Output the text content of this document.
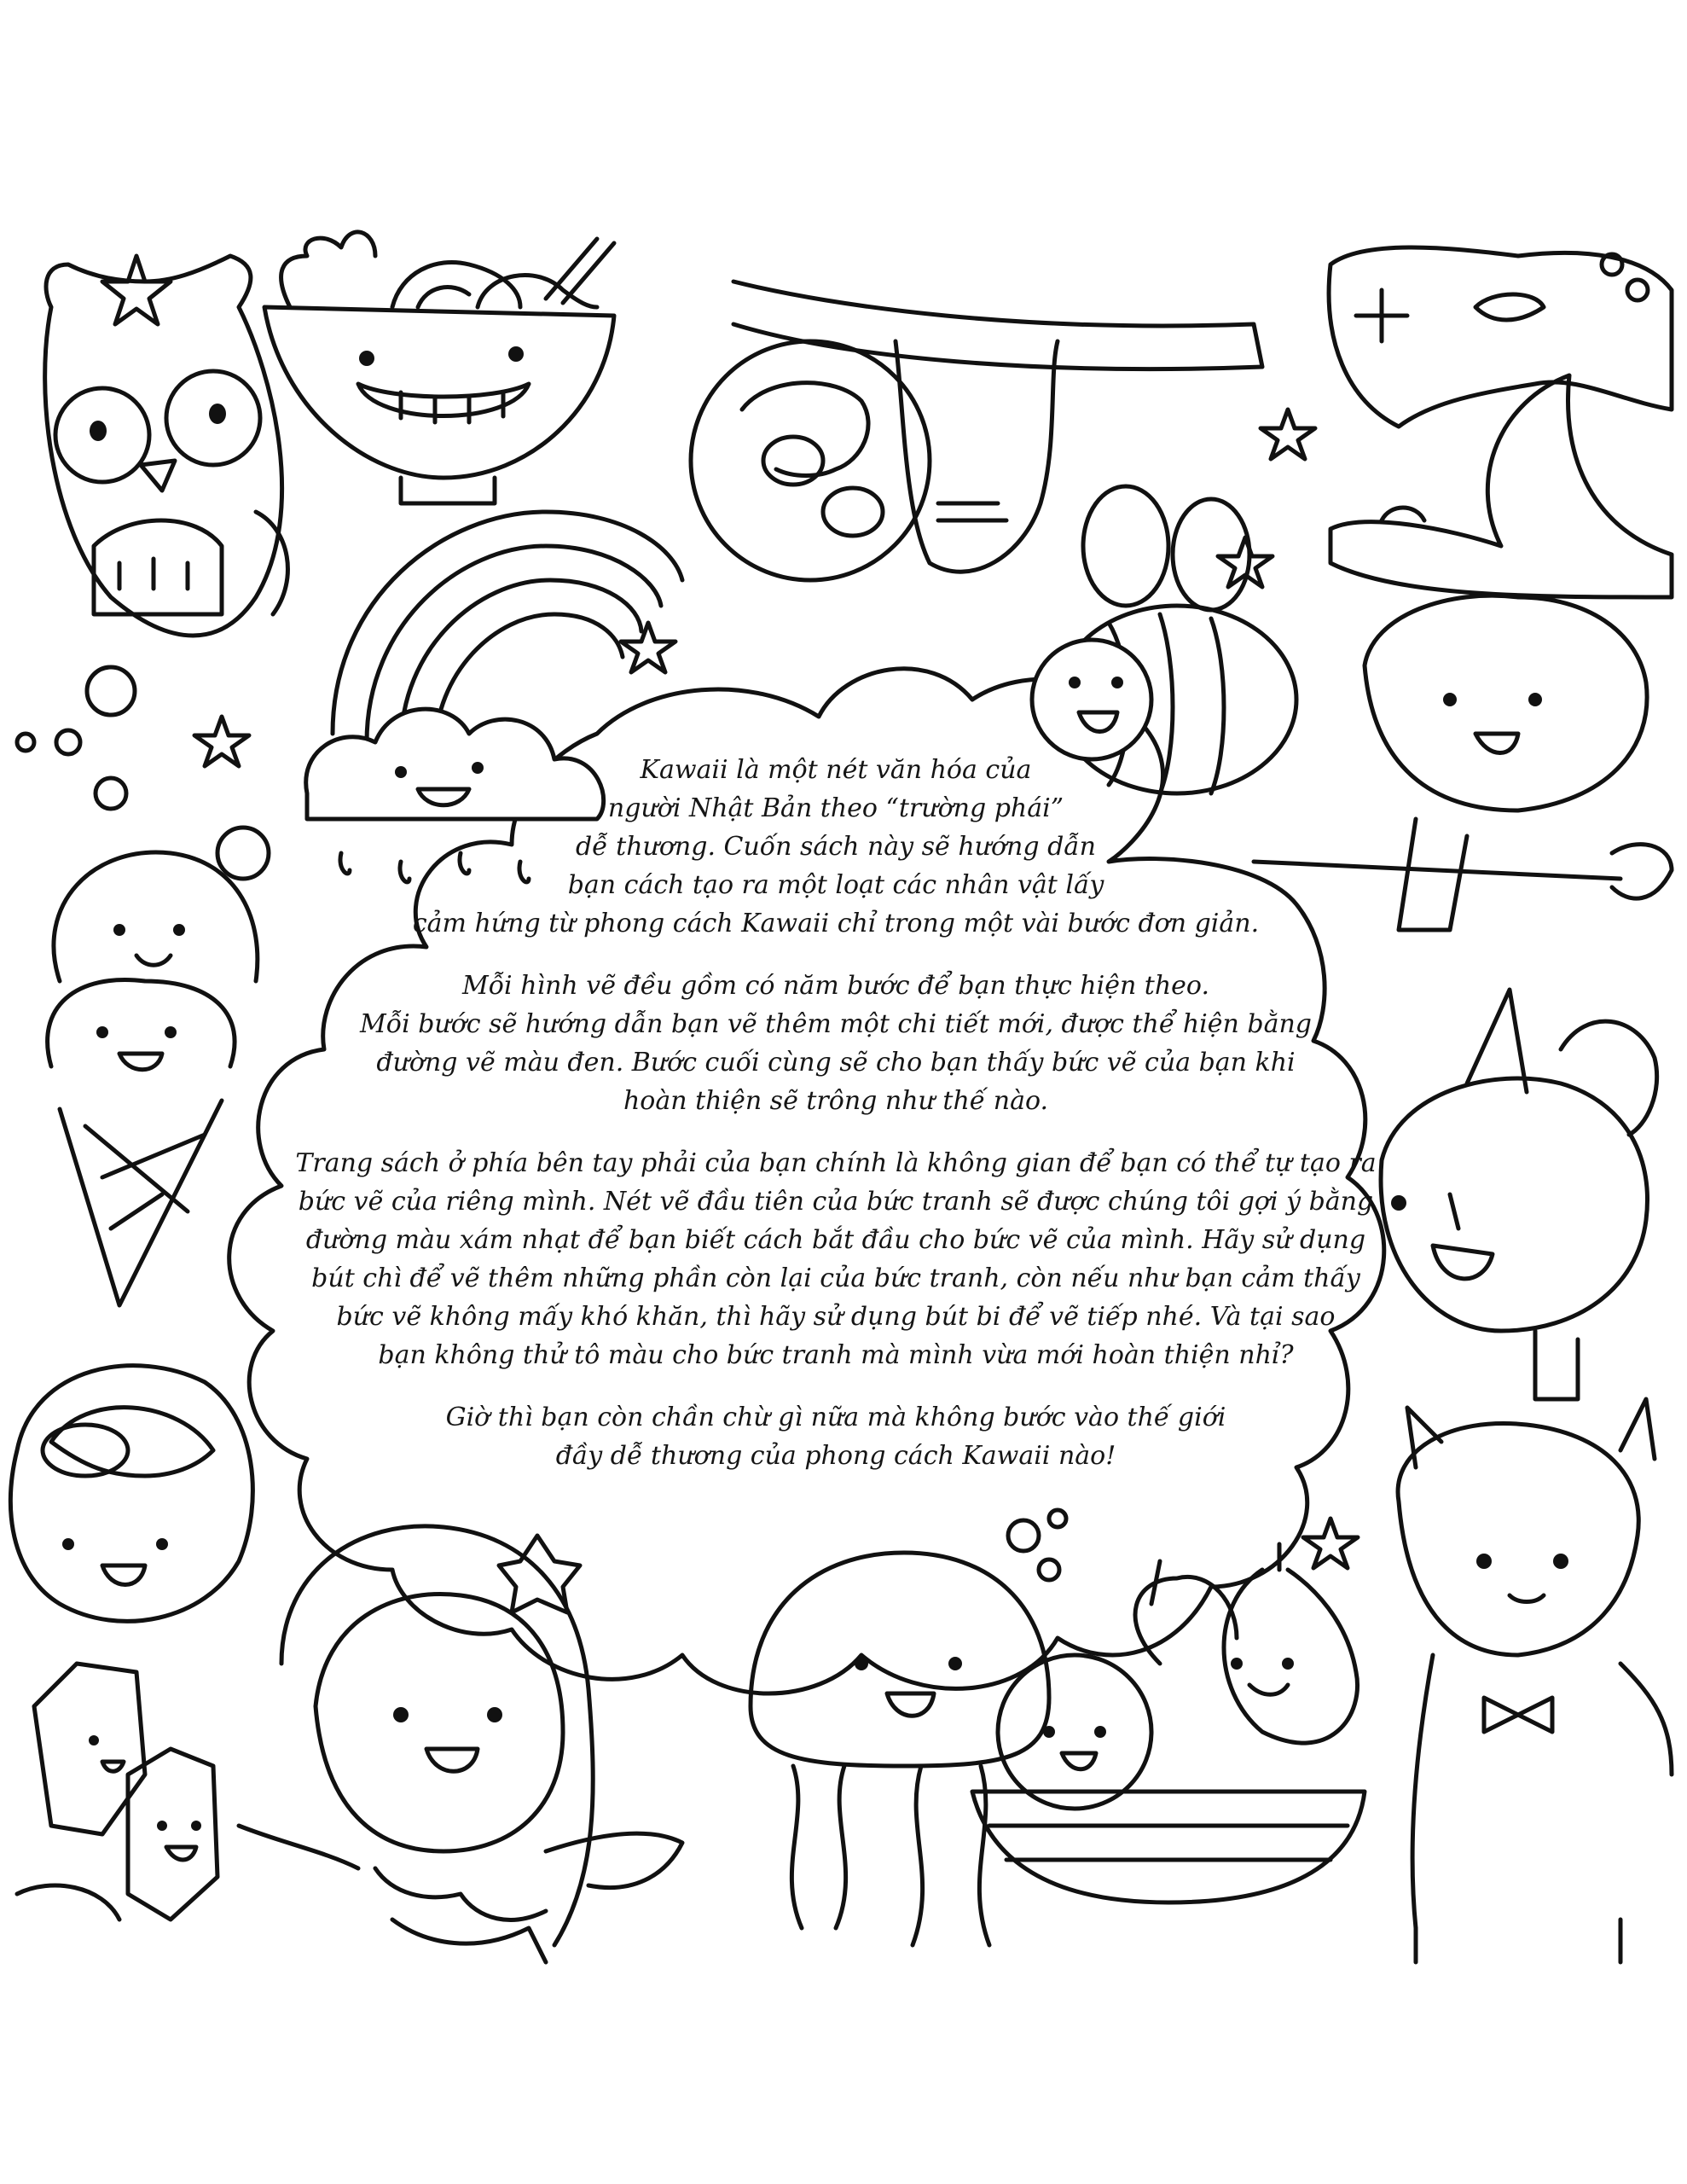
Kawaii là một nét văn hóa của
người Nhật Bản theo “trường phái”
dễ thương. Cuốn sách này sẽ hướng dẫn
bạn cách tạo ra một loạt các nhân vật lấy
cảm hứng từ phong cách Kawaii chỉ trong một vài bước đơn giản.

Mỗi hình vẽ đều gồm có năm bước để bạn thực hiện theo.
Mỗi bước sẽ hướng dẫn bạn vẽ thêm một chi tiết mới, được thể hiện bằng
đường vẽ màu đen. Bước cuối cùng sẽ cho bạn thấy bức vẽ của bạn khi
hoàn thiện sẽ trông như thế nào.

Trang sách ở phía bên tay phải của bạn chính là không gian để bạn có thể tự tạo ra
bức vẽ của riêng mình. Nét vẽ đầu tiên của bức tranh sẽ được chúng tôi gợi ý bằng
đường màu xám nhạt để bạn biết cách bắt đầu cho bức vẽ của mình. Hãy sử dụng
bút chì để vẽ thêm những phần còn lại của bức tranh, còn nếu như bạn cảm thấy
bức vẽ không mấy khó khăn, thì hãy sử dụng bút bi để vẽ tiếp nhé. Và tại sao
bạn không thử tô màu cho bức tranh mà mình vừa mới hoàn thiện nhỉ?

Giờ thì bạn còn chần chừ gì nữa mà không bước vào thế giới
đầy dễ thương của phong cách Kawaii nào!
